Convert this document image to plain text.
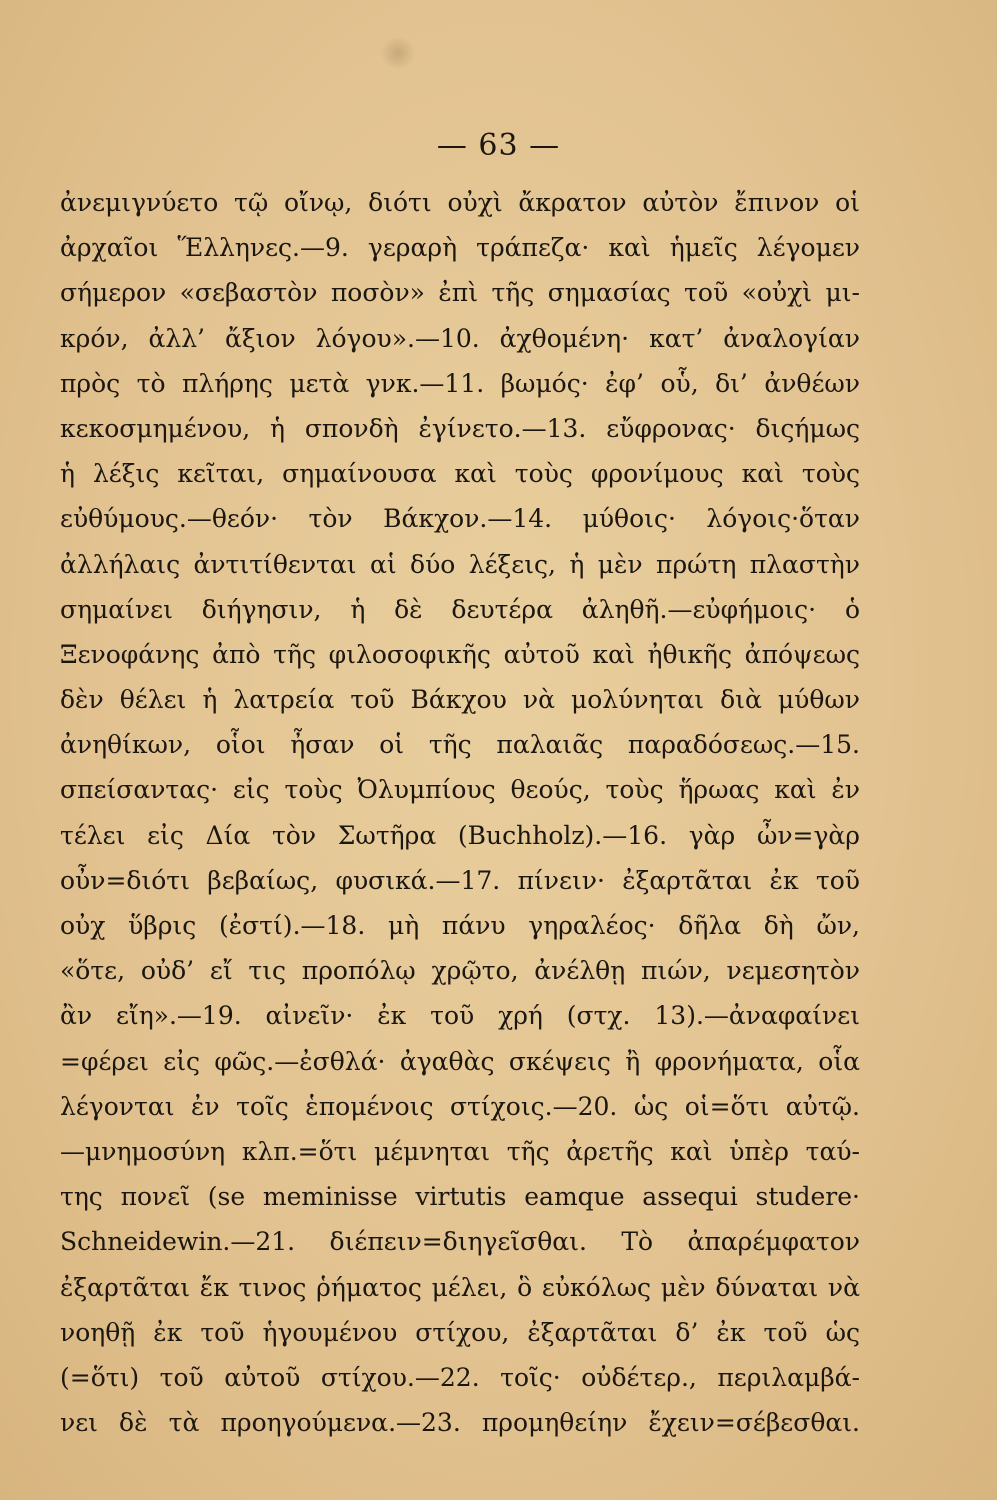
— 63 —
ἀνεμιγνύετο τῷ οἴνῳ, διότι οὐχὶ ἄκρατον αὐτὸν ἔπινον οἱ
ἀρχαῖοι Ἕλληνες.—9. γεραρὴ τράπεζα· καὶ ἡμεῖς λέγομεν
σήμερον «σεβαστὸν ποσὸν» ἐπὶ τῆς σημασίας τοῦ «οὐχὶ μι-
κρόν, ἀλλ’ ἄξιον λόγου».—10. ἀχθομένη· κατ’ ἀναλογίαν
πρὸς τὸ πλήρης μετὰ γνκ.—11. βωμός· ἐφ’ οὗ, δι’ ἀνθέων
κεκοσμημένου, ἡ σπονδὴ ἐγίνετο.—13. εὔφρονας· διςήμως
ἡ λέξις κεῖται, σημαίνουσα καὶ τοὺς φρονίμους καὶ τοὺς
εὐθύμους.—θεόν· τὸν Βάκχον.—14. μύθοις· λόγοις·ὅταν
ἀλλήλαις ἀντιτίθενται αἱ δύο λέξεις, ἡ μὲν πρώτη πλαστὴν
σημαίνει διήγησιν, ἡ δὲ δευτέρα ἀληθῆ.—εὐφήμοις· ὁ
Ξενοφάνης ἀπὸ τῆς φιλοσοφικῆς αὐτοῦ καὶ ἠθικῆς ἀπόψεως
δὲν θέλει ἡ λατρεία τοῦ Βάκχου νὰ μολύνηται διὰ μύθων
ἀνηθίκων, οἷοι ἦσαν οἱ τῆς παλαιᾶς παραδόσεως.—15.
σπείσαντας· εἰς τοὺς Ὀλυμπίους θεούς, τοὺς ἥρωας καὶ ἐν
τέλει εἰς Δία τὸν Σωτῆρα (Buchholz).—16. γὰρ ὦν=γὰρ
οὖν=διότι βεβαίως, φυσικά.—17. πίνειν· ἐξαρτᾶται ἐκ τοῦ
οὐχ ὕβρις (ἐστί).—18. μὴ πάνυ γηραλέος· δῆλα δὴ ὤν,
«ὅτε, οὐδ’ εἴ τις προπόλῳ χρῷτο, ἀνέλθῃ πιών, νεμεσητὸν
ἂν εἴη».—19. αἰνεῖν· ἐκ τοῦ χρή (στχ. 13).—ἀναφαίνει
=φέρει εἰς φῶς.—ἐσθλά· ἀγαθὰς σκέψεις ἢ φρονήματα, οἷα
λέγονται ἐν τοῖς ἑπομένοις στίχοις.—20. ὡς οἱ=ὅτι αὐτῷ.
—μνημοσύνη κλπ.=ὅτι μέμνηται τῆς ἀρετῆς καὶ ὑπὲρ ταύ-
της πονεῖ (se meminisse virtutis eamque assequi studere·
Schneidewin.—21. διέπειν=διηγεῖσθαι. Τὸ ἀπαρέμφατον
ἐξαρτᾶται ἔκ τινος ῥήματος μέλει, ὃ εὐκόλως μὲν δύναται νὰ
νοηθῇ ἐκ τοῦ ἡγουμένου στίχου, ἐξαρτᾶται δ’ ἐκ τοῦ ὡς
(=ὅτι) τοῦ αὐτοῦ στίχου.—22. τοῖς· οὐδέτερ., περιλαμβά-
νει δὲ τὰ προηγούμενα.—23. προμηθείην ἔχειν=σέβεσθαι.
